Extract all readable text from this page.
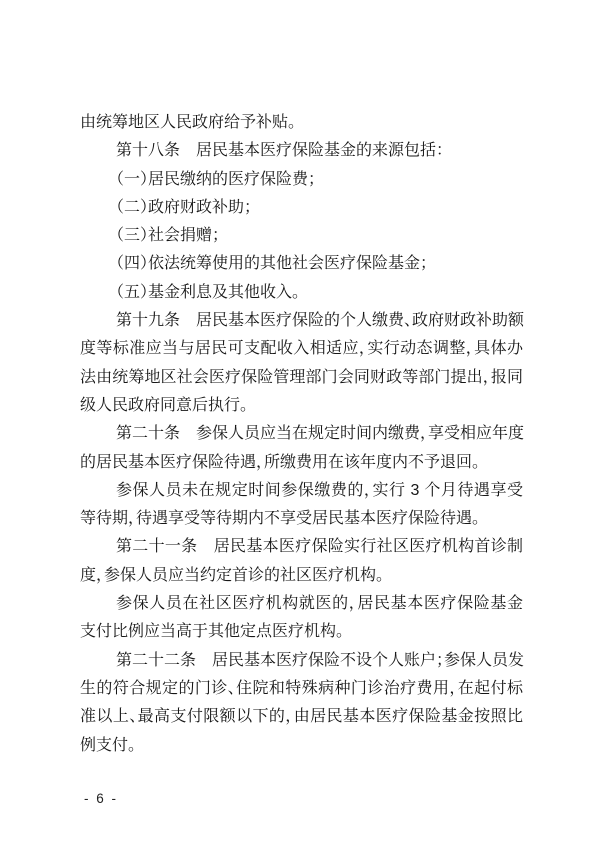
由统筹地区人民政府给予补贴。
第十八条　居民基本医疗保险基金的来源包括：
（一）居民缴纳的医疗保险费；
（二）政府财政补助；
（三）社会捐赠；
（四）依法统筹使用的其他社会医疗保险基金；
（五）基金利息及其他收入。
第十九条　居民基本医疗保险的个人缴费、政府财政补助额
度等标准应当与居民可支配收入相适应，实行动态调整，具体办
法由统筹地区社会医疗保险管理部门会同财政等部门提出，报同
级人民政府同意后执行。
第二十条　参保人员应当在规定时间内缴费，享受相应年度
的居民基本医疗保险待遇，所缴费用在该年度内不予退回。
参保人员未在规定时间参保缴费的，实行 3 个月待遇享受
等待期，待遇享受等待期内不享受居民基本医疗保险待遇。
第二十一条　居民基本医疗保险实行社区医疗机构首诊制
度，参保人员应当约定首诊的社区医疗机构。
参保人员在社区医疗机构就医的，居民基本医疗保险基金
支付比例应当高于其他定点医疗机构。
第二十二条　居民基本医疗保险不设个人账户；参保人员发
生的符合规定的门诊、住院和特殊病种门诊治疗费用，在起付标
准以上、最高支付限额以下的，由居民基本医疗保险基金按照比
例支付。
- 6 -
